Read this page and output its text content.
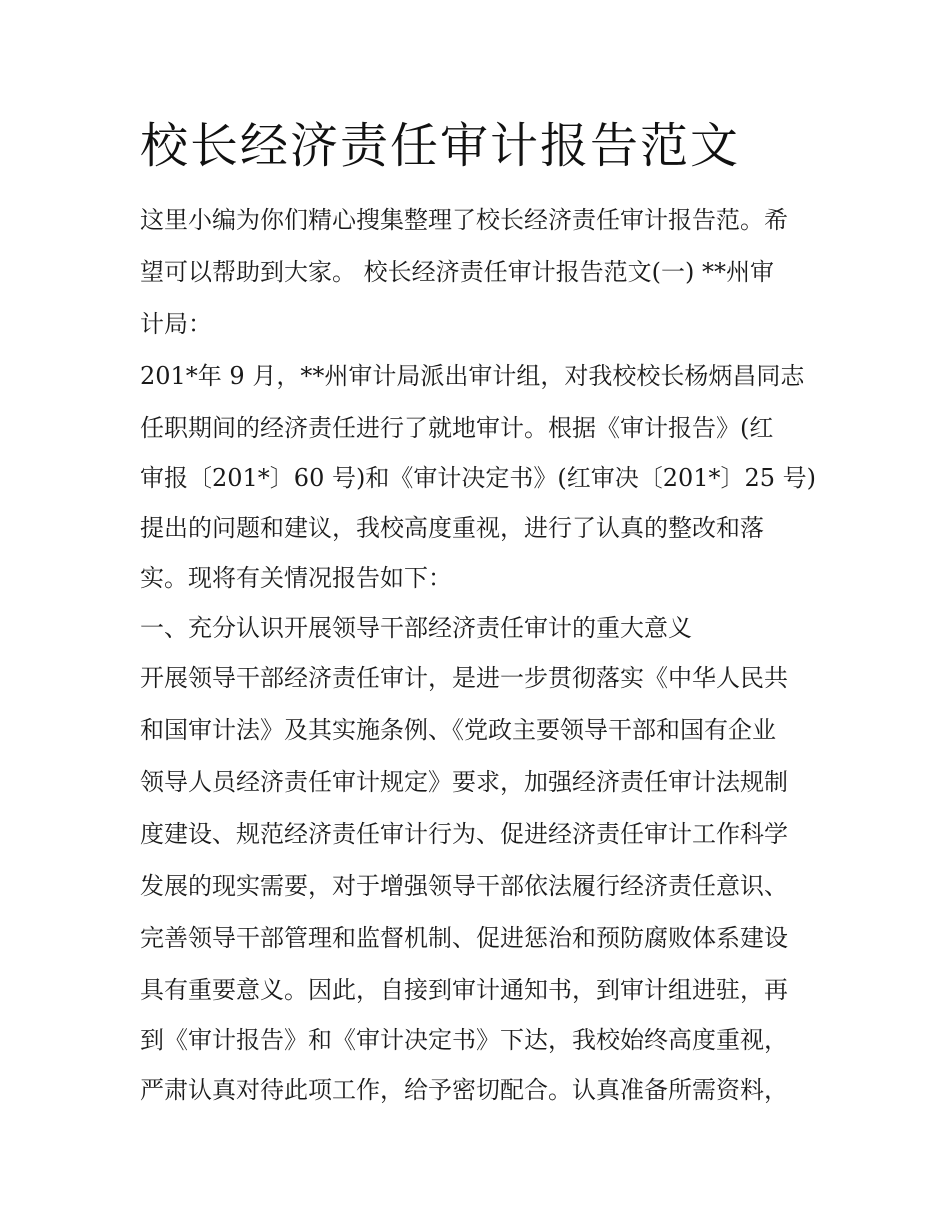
校长经济责任审计报告范文

这里小编为你们精心搜集整理了校长经济责任审计报告范。希

望可以帮助到大家。 校长经济责任审计报告范文(一) **州审

计局：

201*年 9 月，**州审计局派出审计组，对我校校长杨炳昌同志

任职期间的经济责任进行了就地审计。根据《审计报告》(红

审报〔201*〕60 号)和《审计决定书》(红审决〔201*〕25 号)

提出的问题和建议，我校高度重视，进行了认真的整改和落

实。现将有关情况报告如下：

一、充分认识开展领导干部经济责任审计的重大意义

开展领导干部经济责任审计，是进一步贯彻落实《中华人民共

和国审计法》及其实施条例、《党政主要领导干部和国有企业

领导人员经济责任审计规定》要求，加强经济责任审计法规制

度建设、规范经济责任审计行为、促进经济责任审计工作科学

发展的现实需要，对于增强领导干部依法履行经济责任意识、

完善领导干部管理和监督机制、促进惩治和预防腐败体系建设

具有重要意义。因此，自接到审计通知书，到审计组进驻，再

到《审计报告》和《审计决定书》下达，我校始终高度重视，

严肃认真对待此项工作，给予密切配合。认真准备所需资料，
